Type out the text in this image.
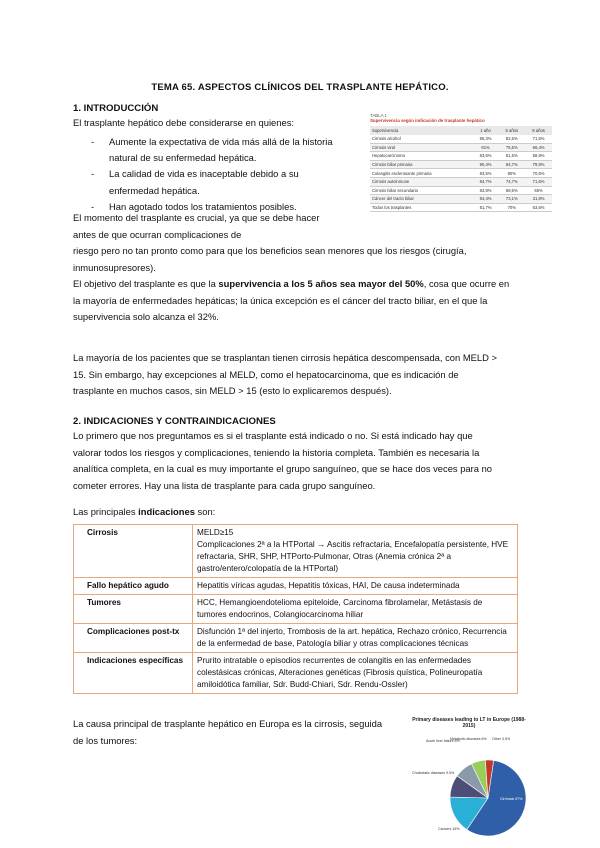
TEMA 65. ASPECTOS CLÍNICOS DEL TRASPLANTE HEPÁTICO.
1. INTRODUCCIÓN
El trasplante hepático debe considerarse en quienes:
-	Aumente la expectativa de vida más allá de la historia
natural de su enfermedad hepática.
-	La calidad de vida es inaceptable debido a su
enfermedad hepática.
-	Han agotado todos los tratamientos posibles.
El momento del trasplante es crucial, ya que se debe hacer
antes de que ocurran complicaciones de
riesgo pero no tan pronto como para que los beneficios sean menores que los riesgos (cirugía,
inmunosupresores).
El objetivo del trasplante es que la supervivencia a los 5 años sea mayor del 50%, cosa que ocurre en
la mayoría de enfermedades hepáticas; la única excepción es el cáncer del tracto biliar, en el que la
supervivencia solo alcanza el 32%.
La mayoría de los pacientes que se trasplantan tienen cirrosis hepática descompensada, con MELD >
15. Sin embargo, hay excepciones al MELD, como el hepatocarcinoma, que es indicación de
trasplante en muchos casos, sin MELD > 15 (esto lo explicaremos después).
TABLA 1
Supervivencia según indicación de trasplante hepático
Supervivencia	1 año	5 años	9 años
Cirrosis alcohol	85,3%	82,5%	71,5%
Cirrosis viral	81%	75,5%	66,4%
Hepatocarcinoma	83,6%	81,5%	58,9%
Cirrosis biliar primaria	90,4%	84,7%	79,9%
Colangitis esclerosante primaria	83,5%	80%	70,5%
Cirrosis autoinmune	84,7%	74,7%	71,6%
Cirrosis biliar secundaria	83,8%	68,6%	65%
Cáncer del tracto biliar	84,4%	73,1%	31,8%
Todos los trasplantes	81,7%	70%	63,6%
2. INDICACIONES Y CONTRAINDICACIONES
Lo primero que nos preguntamos es si el trasplante está indicado o no. Si está indicado hay que
valorar todos los riesgos y complicaciones, teniendo la historia completa. También es necesaria la
analítica completa, en la cual es muy importante el grupo sanguíneo, que se hace dos veces para no
cometer errores. Hay una lista de trasplante para cada grupo sanguíneo.
Las principales indicaciones son:
Cirrosis	MELD≥15
Complicaciones 2ª a la HTPortal → Ascitis refractaria, Encefalopatía persistente, HVE refractaria, SHR, SHP, HTPorto-Pulmonar, Otras (Anemia crónica 2ª a gastro/entero/colopatía de la HTPortal)
Fallo hepático agudo	Hepatitis víricas agudas, Hepatitis tóxicas, HAI, De causa indeterminada
Tumores	HCC, Hemangioendotelioma epiteloide, Carcinoma fibrolamelar, Metástasis de tumores endocrinos, Colangiocarcinoma hiliar
Complicaciones post-tx	Disfunción 1ª del injerto, Trombosis de la art. hepática, Rechazo crónico, Recurrencia de la enfermedad de base, Patología biliar y otras complicaciones técnicas
Indicaciones específicas	Prurito intratable o episodios recurrentes de colangitis en las enfermedades colestásicas crónicas, Alteraciones genéticas (Fibrosis quística, Polineuropatía amiloidótica familiar, Sdr. Budd-Chiari, Sdr. Rendu-Ossler)
La causa principal de trasplante hepático en Europa es la cirrosis, seguida
de los tumores:
Primary diseases leading to LT in Europe (1988-2015)
Cirrhosis 57%
Cancers 16%
Cholestatic diseases 9.5%
Acute liver failure 8%
Metabolic diseases 6% Other 3.5%
